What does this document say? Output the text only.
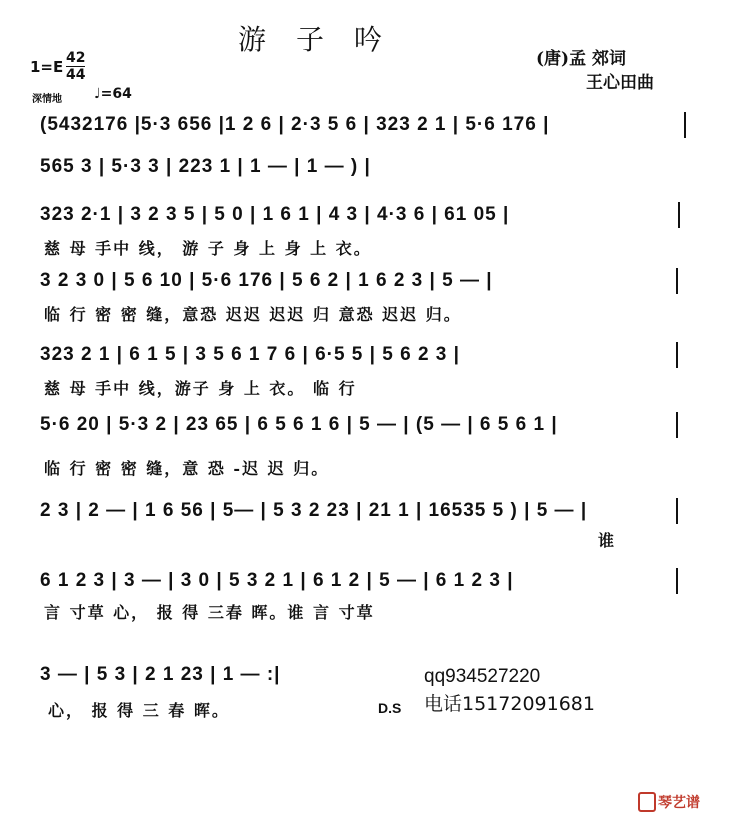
游子吟
(唐)孟 郊词
王心田曲
$1=E \frac{42}{44}$
深情地 ♩=64
(5432176 |5·3 656 |1 2 6 | 2·3 5 6 | 323 2 1 | 5·6 176 |
565 3 | 5·3 3 | 223 1 | 1 — | 1 — ) |
323 2·1 | 3 2 3 5 | 5 0 | 1 6 1 | 4 3 | 4·3 6 | 61 05 |
慈 母 手中 线， 游 子 身 上 身 上 衣。
3 2 3 0 | 5 6 10 | 5·6 176 | 5 6 2 | 1 6 2 3 | 5 — |
临 行 密 密 缝，意恐 迟迟 迟迟 归 意恐 迟迟 归。
323 2 1 | 6 1 5 | 3 5 6 1 7 6 | 6·5 5 | 5 6 2 3 |
慈 母 手中 线，游子 身 上 衣。 临 行
5·6 20 | 5·3 2 | 23 65 | 6 5 6 1 6 | 5 — | (5 — | 6 5 6 1 |
临 行 密 密 缝，意 恐 -迟 迟 归。
2 3 | 2 — | 1 6 56 | 5— | 5 3 2 23 | 21 1 | 16535 5 ) | 5 — |
谁
6 1 2 3 | 3 — | 3 0 | 5 3 2 1 | 6 1 2 | 5 — | 6 1 2 3 |
言 寸草 心， 报 得 三春 晖。谁 言 寸草
3 — | 5 3 | 2 1 23 | 1 — :|
心， 报 得 三 春 晖。	D.S
qq934527220
电话15172091681
琴艺谱
